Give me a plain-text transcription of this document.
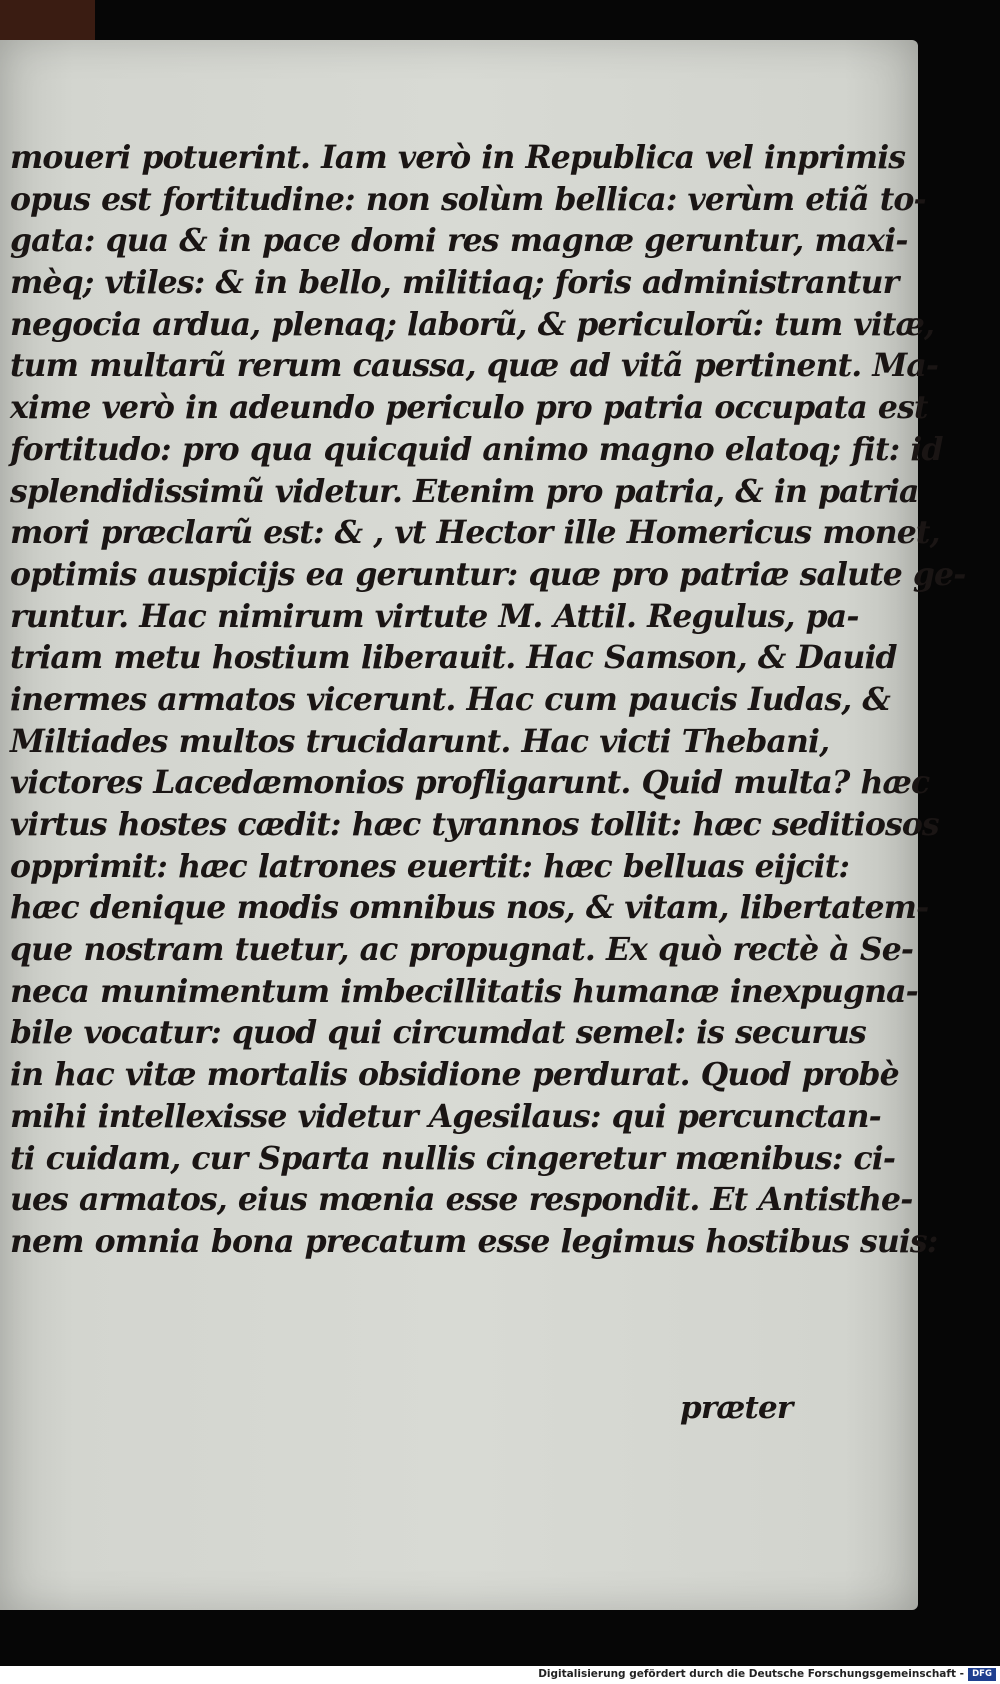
moueri potuerint. Iam verò in Republica vel inprimis
opus est fortitudine: non solùm bellica: verùm etiã to-
gata: qua & in pace domi res magnæ geruntur, maxi-
mèq; vtiles: & in bello, militiaq; foris administrantur
negocia ardua, plenaq; laborũ, & periculorũ: tum vitæ,
tum multarũ rerum caussa, quæ ad vitã pertinent. Ma-
xime verò in adeundo periculo pro patria occupata est
fortitudo: pro qua quicquid animo magno elatoq; fit: id
splendidissimũ videtur. Etenim pro patria, & in patria
mori præclarũ est: & , vt Hector ille Homericus monet,
optimis auspicijs ea geruntur: quæ pro patriæ salute ge-
runtur. Hac nimirum virtute M. Attil. Regulus, pa-
triam metu hostium liberauit. Hac Samson, & Dauid
inermes armatos vicerunt. Hac cum paucis Iudas, &
Miltiades multos trucidarunt. Hac victi Thebani,
victores Lacedæmonios profligarunt. Quid multa? hæc
virtus hostes cædit: hæc tyrannos tollit: hæc seditiosos
opprimit: hæc latrones euertit: hæc belluas eijcit:
hæc denique modis omnibus nos, & vitam, libertatem-
que nostram tuetur, ac propugnat. Ex quò rectè à Se-
neca munimentum imbecillitatis humanæ inexpugna-
bile vocatur: quod qui circumdat semel: is securus
in hac vitæ mortalis obsidione perdurat. Quod probè
mihi intellexisse videtur Agesilaus: qui percunctan-
ti cuidam, cur Sparta nullis cingeretur mœnibus: ci-
ues armatos, eius mœnia esse respondit. Et Antisthe-
nem omnia bona precatum esse legimus hostibus suis:
præter
Digitalisierung gefördert durch die Deutsche Forschungsgemeinschaft - DFG
